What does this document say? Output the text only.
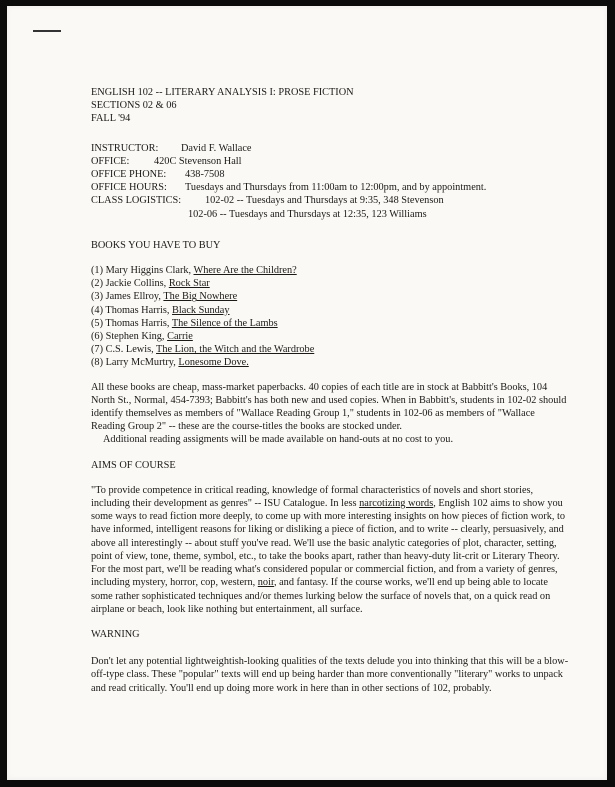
ENGLISH 102 -- LITERARY ANALYSIS I: PROSE FICTION
SECTIONS 02 & 06
FALL '94
INSTRUCTOR: David F. Wallace
OFFICE: 420C Stevenson Hall
OFFICE PHONE: 438-7508
OFFICE HOURS: Tuesdays and Thursdays from 11:00am to 12:00pm, and by appointment.
CLASS LOGISTICS: 102-02 -- Tuesdays and Thursdays at 9:35, 348 Stevenson
102-06 -- Tuesdays and Thursdays at 12:35, 123 Williams
BOOKS YOU HAVE TO BUY
(1) Mary Higgins Clark, Where Are the Children?
(2) Jackie Collins, Rock Star
(3) James Ellroy, The Big Nowhere
(4) Thomas Harris, Black Sunday
(5) Thomas Harris, The Silence of the Lambs
(6) Stephen King, Carrie
(7) C.S. Lewis, The Lion, the Witch and the Wardrobe
(8) Larry McMurtry, Lonesome Dove.
All these books are cheap, mass-market paperbacks. 40 copies of each title are in stock at Babbitt's Books, 104
North St., Normal, 454-7393; Babbitt's has both new and used copies. When in Babbitt's, students in 102-02 should
identify themselves as members of "Wallace Reading Group 1," students in 102-06 as members of "Wallace
Reading Group 2" -- these are the course-titles the books are stocked under.
Additional reading assigments will be made available on hand-outs at no cost to you.
AIMS OF COURSE
"To provide competence in critical reading, knowledge of formal characteristics of novels and short stories,
including their development as genres" -- ISU Catalogue. In less narcotizing words, English 102 aims to show you
some ways to read fiction more deeply, to come up with more interesting insights on how pieces of fiction work, to
have informed, intelligent reasons for liking or disliking a piece of fiction, and to write -- clearly, persuasively, and
above all interestingly -- about stuff you've read. We'll use the basic analytic categories of plot, character, setting,
point of view, tone, theme, symbol, etc., to take the books apart, rather than heavy-duty lit-crit or Literary Theory.
For the most part, we'll be reading what's considered popular or commercial fiction, and from a variety of genres,
including mystery, horror, cop, western, noir, and fantasy. If the course works, we'll end up being able to locate
some rather sophisticated techniques and/or themes lurking below the surface of novels that, on a quick read on
airplane or beach, look like nothing but entertainment, all surface.
WARNING
Don't let any potential lightweightish-looking qualities of the texts delude you into thinking that this will be a blow-
off-type class. These "popular" texts will end up being harder than more conventionally "literary" works to unpack
and read critically. You'll end up doing more work in here than in other sections of 102, probably.
